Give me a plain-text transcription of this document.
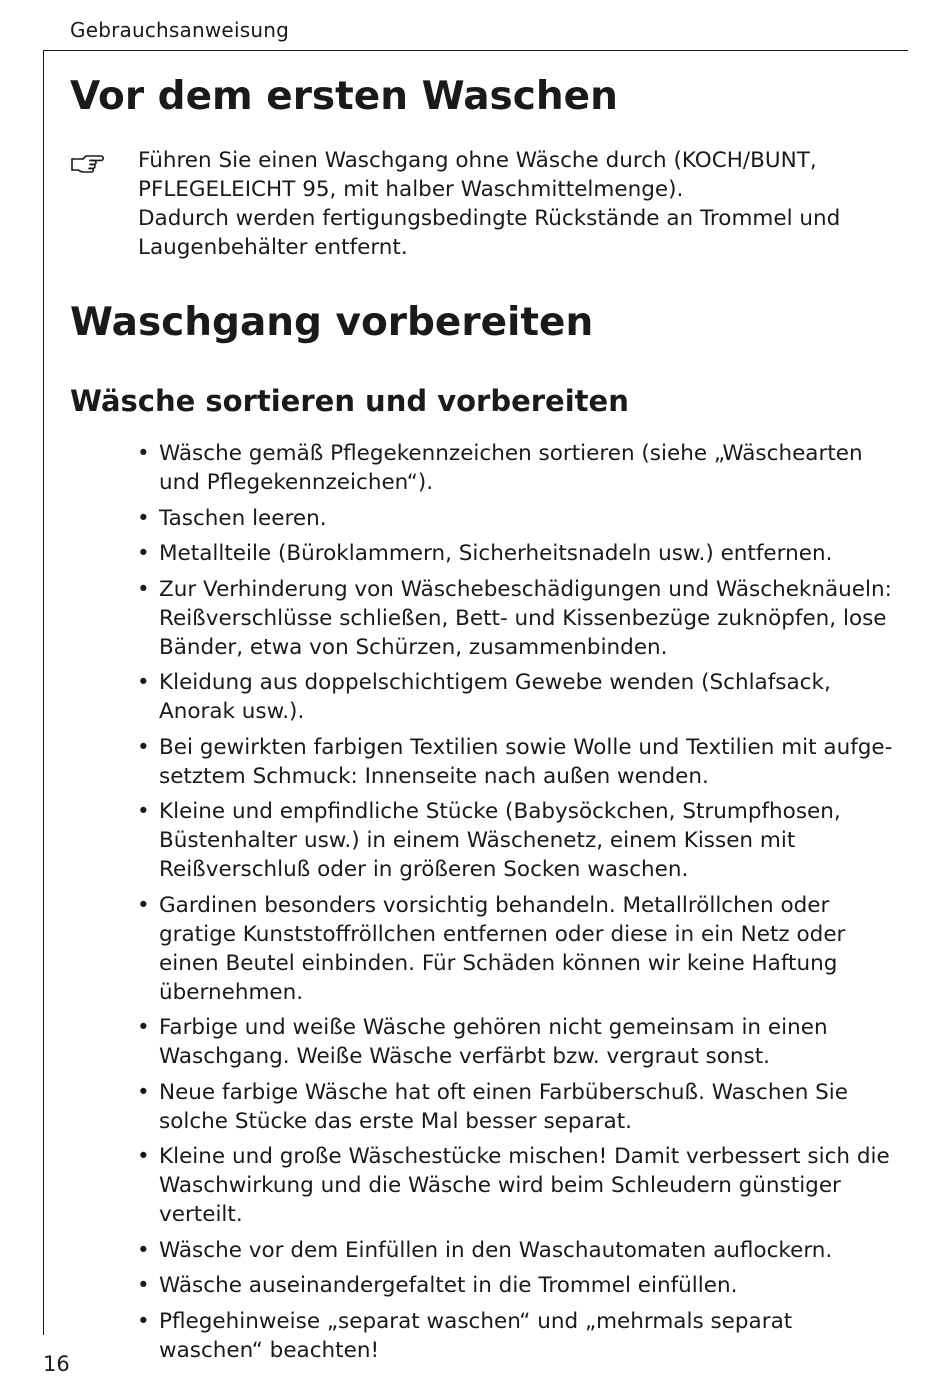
Gebrauchsanweisung
Vor dem ersten Waschen

Führen Sie einen Waschgang ohne Wäsche durch (KOCH/BUNT, PFLEGELEICHT 95, mit halber Waschmittelmenge).

Dadurch werden fertigungsbedingte Rückstände an Trommel und Laugenbehälter entfernt.

Waschgang vorbereiten
Wäsche sortieren und vorbereiten
• Wäsche gemäß Pflegekennzeichen sortieren (siehe „Wäschearten und Pflegekennzeichen“).
• Taschen leeren.
• Metallteile (Büroklammern, Sicherheitsnadeln usw.) entfernen.
• Zur Verhinderung von Wäschebeschädigungen und Wäscheknäueln: Reißverschlüsse schließen, Bett- und Kissenbezüge zuknöpfen, lose Bänder, etwa von Schürzen, zusammenbinden.
• Kleidung aus doppelschichtigem Gewebe wenden (Schlafsack, Anorak usw.).
• Bei gewirkten farbigen Textilien sowie Wolle und Textilien mit aufgesetztem Schmuck: Innenseite nach außen wenden.
• Kleine und empfindliche Stücke (Babysöckchen, Strumpfhosen, Büstenhalter usw.) in einem Wäschenetz, einem Kissen mit Reißverschluß oder in größeren Socken waschen.
• Gardinen besonders vorsichtig behandeln. Metallröllchen oder gratige Kunststoffröllchen entfernen oder diese in ein Netz oder einen Beutel einbinden. Für Schäden können wir keine Haftung übernehmen.
• Farbige und weiße Wäsche gehören nicht gemeinsam in einen Waschgang. Weiße Wäsche verfärbt bzw. vergraut sonst.
• Neue farbige Wäsche hat oft einen Farbüberschuß. Waschen Sie solche Stücke das erste Mal besser separat.
• Kleine und große Wäschestücke mischen! Damit verbessert sich die Waschwirkung und die Wäsche wird beim Schleudern günstiger verteilt.
• Wäsche vor dem Einfüllen in den Waschautomaten auflockern.
• Wäsche auseinandergefaltet in die Trommel einfüllen.
• Pflegehinweise „separat waschen“ und „mehrmals separat waschen“ beachten!
16
